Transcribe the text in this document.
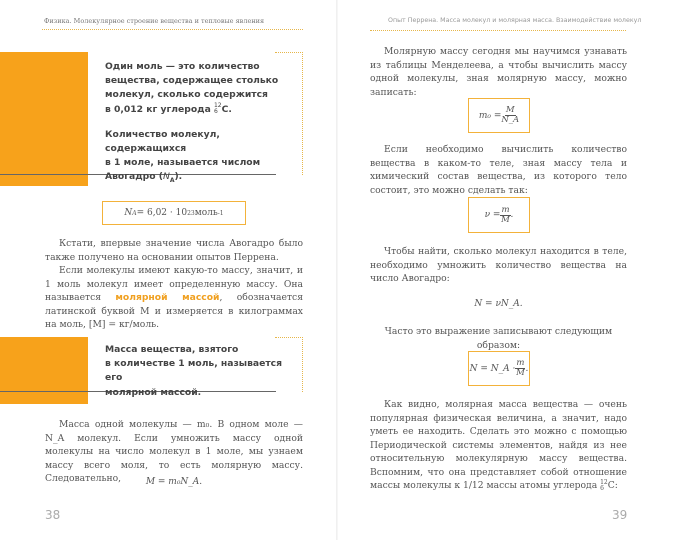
Физика. Молекулярное строение вещества и тепловые явления
Один моль — это количество
вещества, содержащее столько
молекул, сколько содержится
в 0,012 кг углерода 12
6 C.
Количество молекул, содержащихся
в 1 моле, называется числом
Авогадро $(N_A)$.
N A = 6,02 · 10 23 моль -1
Кстати, впервые значение числа Авогадро было также получено на основании опытов Перрена.
Если молекулы имеют какую-то массу, значит, и 1 моль молекул имеет определенную массу. Она называется молярной массой, обозначается латинской буквой M и измеряется в килограммах на моль, [M] = кг/моль.
Масса вещества, взятого
в количестве 1 моль, называется его
молярной массой.
Масса одной молекулы — m₀. В одном моле — N_A молекул. Если умножить массу одной молекулы на число молекул в 1 моле, мы узнаем массу всего моля, то есть молярную массу. Следовательно,	M = m₀N_A.
38
Опыт Перрена. Масса молекул и молярная масса. Взаимодействие молекул
Молярную массу сегодня мы научимся узнавать из таблицы Менделеева, а чтобы вычислить массу одной молекулы, зная молярную массу, можно записать:
$m_0 = \frac{M}{N\_A}$
Если необходимо вычислить количество вещества в каком-то теле, зная массу тела и химический состав вещества, из которого тело состоит, это можно сделать так:
$\nu = \frac{m}{M}$ .
Чтобы найти, сколько молекул находится в теле, необходимо умножить количество вещества на число Авогадро:
N = νN_A.
Часто это выражение записывают следующим образом:
N = N_A · $\frac{m}{M}$ .
Как видно, молярная масса вещества — очень популярная физическая величина, а значит, надо уметь ее находить. Сделать это можно с помощью Периодической системы элементов, найдя из нее относительную молекулярную массу вещества. Вспомним, что она представляет собой отношение массы молекулы к 1/12 массы атомы углерода 12
6 C:
39
